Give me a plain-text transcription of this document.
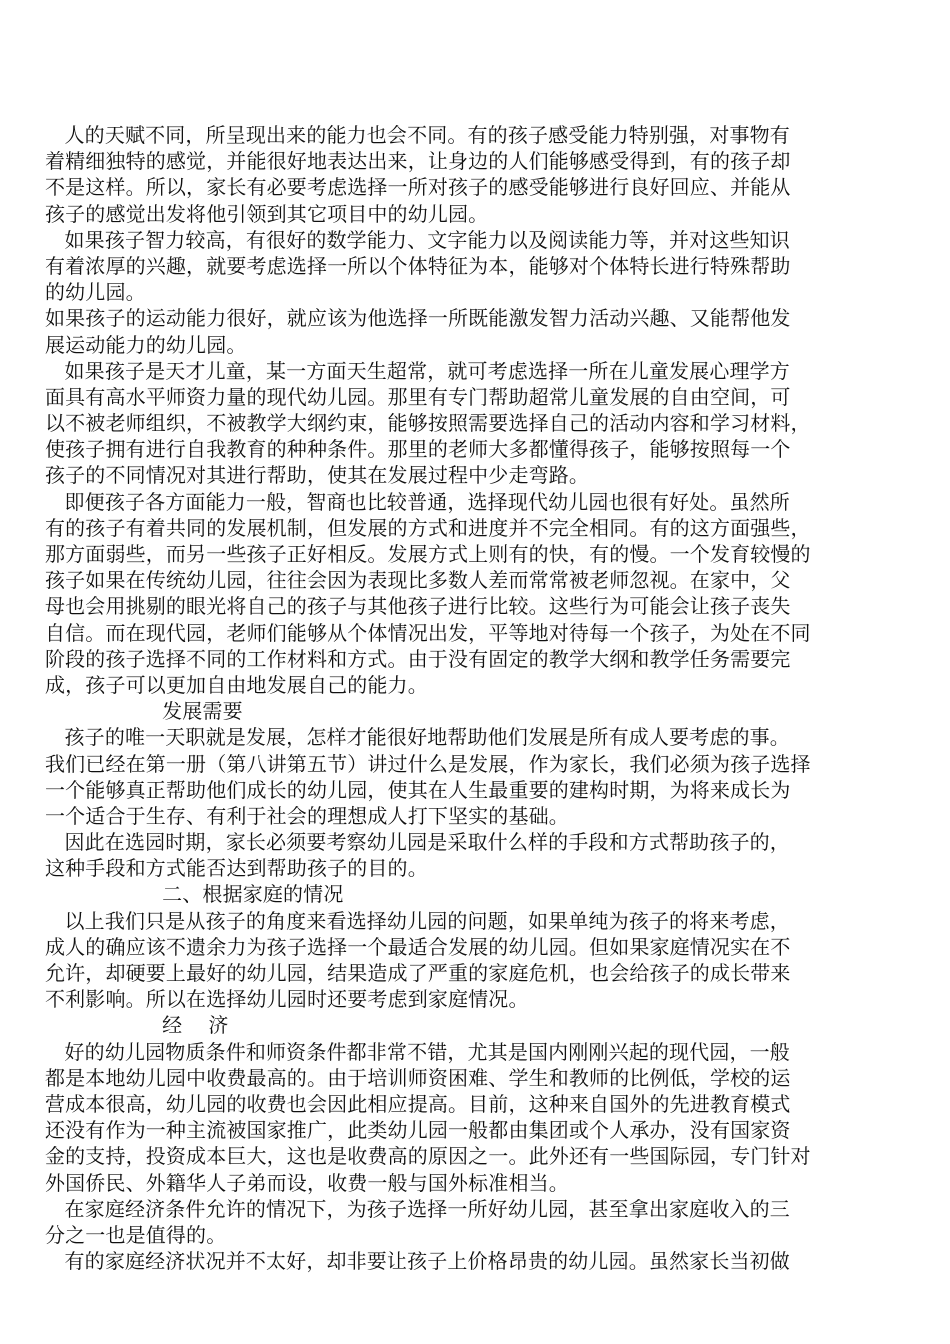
人的天赋不同，所呈现出来的能力也会不同。有的孩子感受能力特别强，对事物有
着精细独特的感觉，并能很好地表达出来，让身边的人们能够感受得到，有的孩子却
不是这样。所以，家长有必要考虑选择一所对孩子的感受能够进行良好回应、并能从
孩子的感觉出发将他引领到其它项目中的幼儿园。
如果孩子智力较高，有很好的数学能力、文字能力以及阅读能力等，并对这些知识
有着浓厚的兴趣，就要考虑选择一所以个体特征为本，能够对个体特长进行特殊帮助
的幼儿园。
如果孩子的运动能力很好，就应该为他选择一所既能激发智力活动兴趣、又能帮他发
展运动能力的幼儿园。
如果孩子是天才儿童，某一方面天生超常，就可考虑选择一所在儿童发展心理学方
面具有高水平师资力量的现代幼儿园。那里有专门帮助超常儿童发展的自由空间，可
以不被老师组织，不被教学大纲约束，能够按照需要选择自己的活动内容和学习材料，
使孩子拥有进行自我教育的种种条件。那里的老师大多都懂得孩子，能够按照每一个
孩子的不同情况对其进行帮助，使其在发展过程中少走弯路。
即便孩子各方面能力一般，智商也比较普通，选择现代幼儿园也很有好处。虽然所
有的孩子有着共同的发展机制，但发展的方式和进度并不完全相同。有的这方面强些，
那方面弱些，而另一些孩子正好相反。发展方式上则有的快，有的慢。一个发育较慢的
孩子如果在传统幼儿园，往往会因为表现比多数人差而常常被老师忽视。在家中，父
母也会用挑剔的眼光将自己的孩子与其他孩子进行比较。这些行为可能会让孩子丧失
自信。而在现代园，老师们能够从个体情况出发，平等地对待每一个孩子，为处在不同
阶段的孩子选择不同的工作材料和方式。由于没有固定的教学大纲和教学任务需要完
成，孩子可以更加自由地发展自己的能力。
发展需要
孩子的唯一天职就是发展，怎样才能很好地帮助他们发展是所有成人要考虑的事。
我们已经在第一册（第八讲第五节）讲过什么是发展，作为家长，我们必须为孩子选择
一个能够真正帮助他们成长的幼儿园，使其在人生最重要的建构时期，为将来成长为
一个适合于生存、有利于社会的理想成人打下坚实的基础。
因此在选园时期，家长必须要考察幼儿园是采取什么样的手段和方式帮助孩子的，
这种手段和方式能否达到帮助孩子的目的。
二、根据家庭的情况
以上我们只是从孩子的角度来看选择幼儿园的问题，如果单纯为孩子的将来考虑，
成人的确应该不遗余力为孩子选择一个最适合发展的幼儿园。但如果家庭情况实在不
允许，却硬要上最好的幼儿园，结果造成了严重的家庭危机，也会给孩子的成长带来
不利影响。所以在选择幼儿园时还要考虑到家庭情况。
经    济
好的幼儿园物质条件和师资条件都非常不错，尤其是国内刚刚兴起的现代园，一般
都是本地幼儿园中收费最高的。由于培训师资困难、学生和教师的比例低，学校的运
营成本很高，幼儿园的收费也会因此相应提高。目前，这种来自国外的先进教育模式
还没有作为一种主流被国家推广，此类幼儿园一般都由集团或个人承办，没有国家资
金的支持，投资成本巨大，这也是收费高的原因之一。此外还有一些国际园，专门针对
外国侨民、外籍华人子弟而设，收费一般与国外标准相当。
在家庭经济条件允许的情况下，为孩子选择一所好幼儿园，甚至拿出家庭收入的三
分之一也是值得的。
有的家庭经济状况并不太好，却非要让孩子上价格昂贵的幼儿园。虽然家长当初做
